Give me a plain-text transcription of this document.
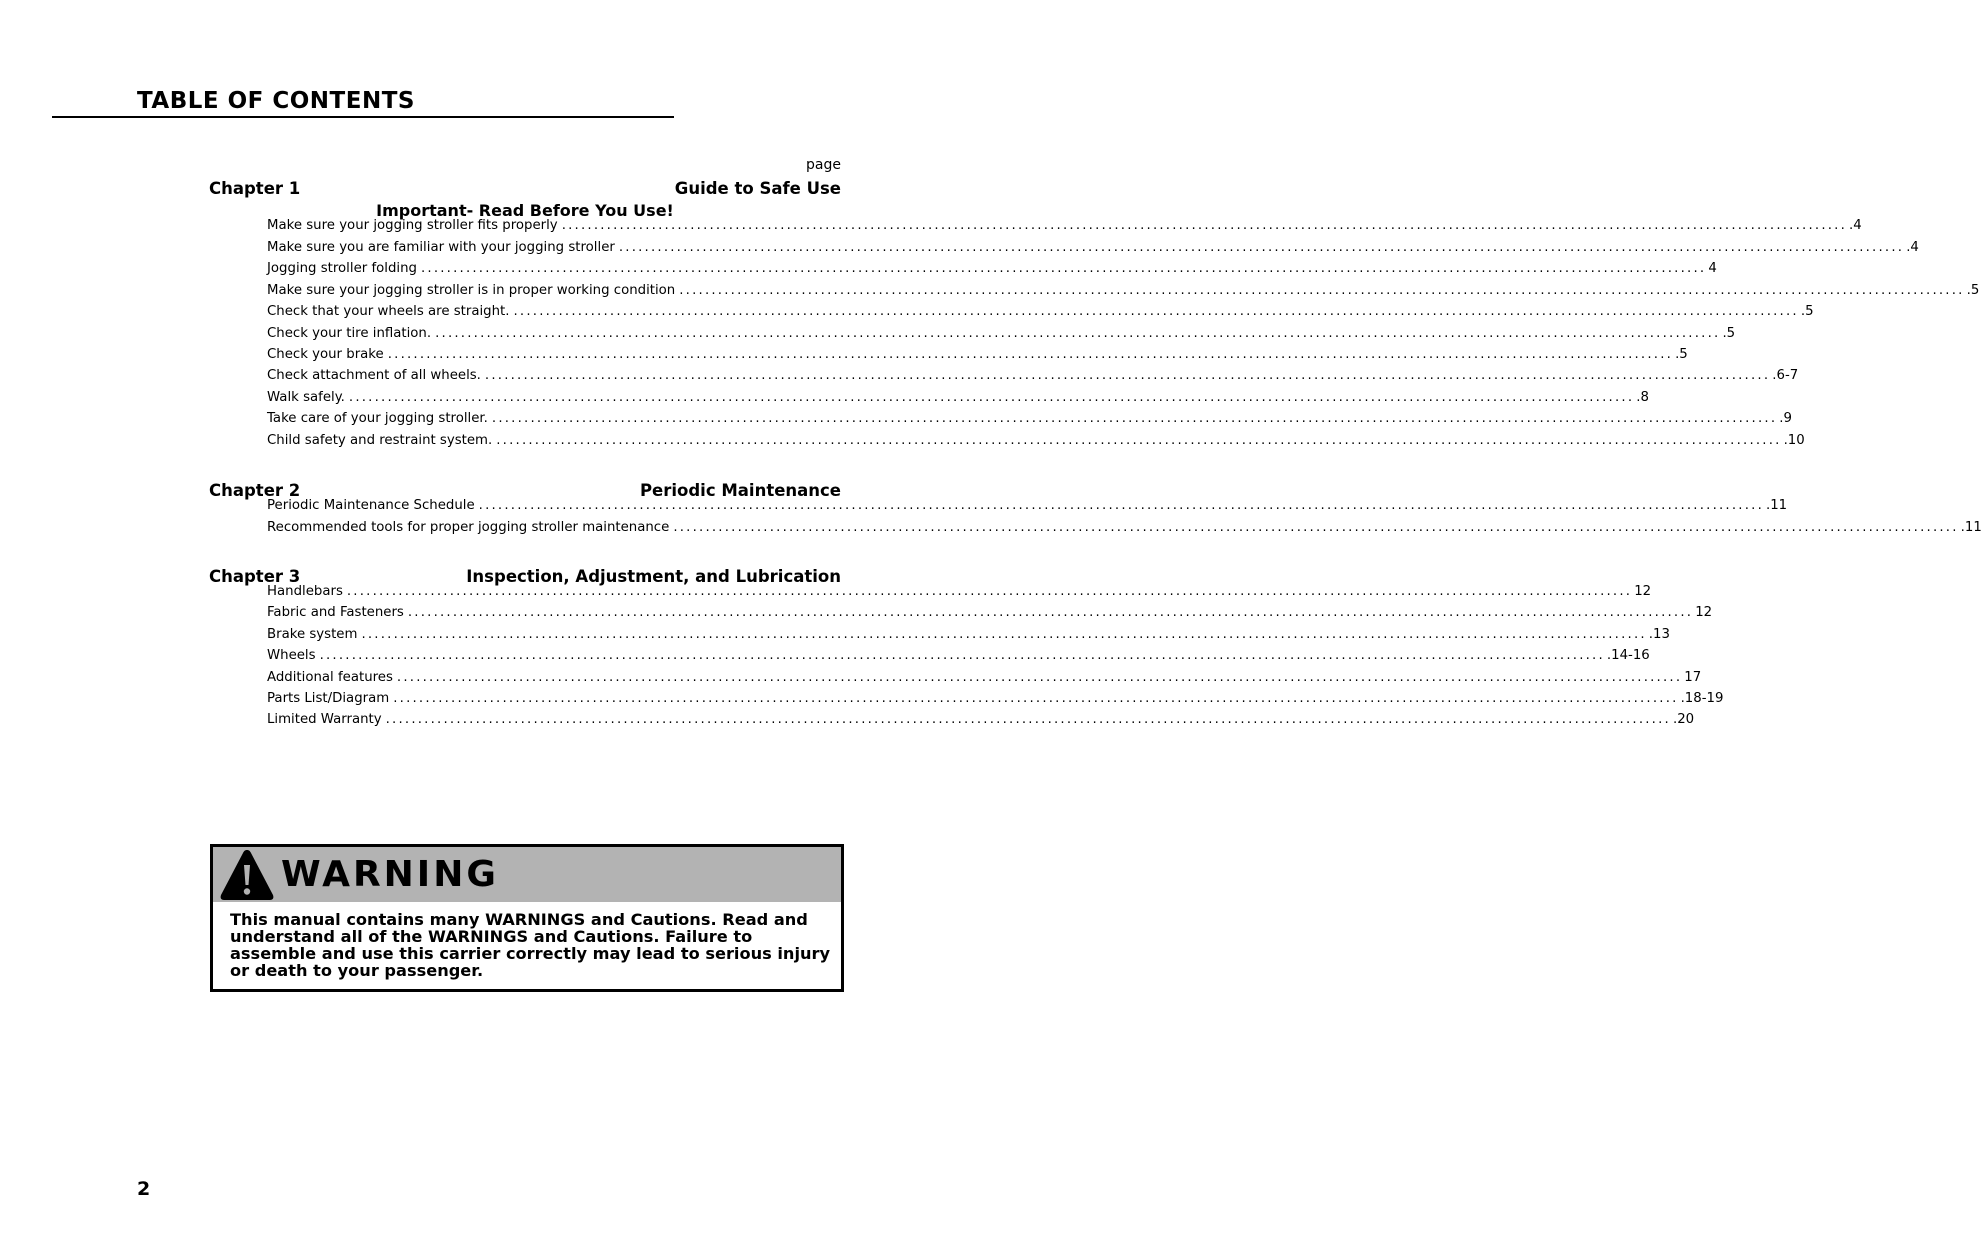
TABLE OF CONTENTS
page
Chapter 1	Guide to Safe Use
Important- Read Before You Use!
Make sure your jogging stroller fits properly ........................................................................................................................................................................................................ .4
Make sure you are familiar with your jogging stroller ........................................................................................................................................................................................................ .4
Jogging stroller folding ........................................................................................................................................................................................................ 4
Make sure your jogging stroller is in proper working condition ........................................................................................................................................................................................................ .5
Check that your wheels are straight. ........................................................................................................................................................................................................ .5
Check your tire inflation. ........................................................................................................................................................................................................ .5
Check your brake ........................................................................................................................................................................................................ .5
Check attachment of all wheels. ........................................................................................................................................................................................................ .6-7
Walk safely. ........................................................................................................................................................................................................ .8
Take care of your jogging stroller. ........................................................................................................................................................................................................ .9
Child safety and restraint system. ........................................................................................................................................................................................................ .10
Chapter 2	Periodic Maintenance
Periodic Maintenance Schedule ........................................................................................................................................................................................................ .11
Recommended tools for proper jogging stroller maintenance ........................................................................................................................................................................................................ .11
Chapter 3	Inspection, Adjustment, and Lubrication
Handlebars ........................................................................................................................................................................................................ 12
Fabric and Fasteners ........................................................................................................................................................................................................ 12
Brake system ........................................................................................................................................................................................................ .13
Wheels ........................................................................................................................................................................................................ .14-16
Additional features ........................................................................................................................................................................................................ 17
Parts List/Diagram ........................................................................................................................................................................................................ .18-19
Limited Warranty ........................................................................................................................................................................................................ .20
WARNING

This manual contains many WARNINGS and Cautions. Read and understand all of the WARNINGS and Cautions. Failure to assemble and use this carrier correctly may lead to serious injury or death to your passenger.

2
